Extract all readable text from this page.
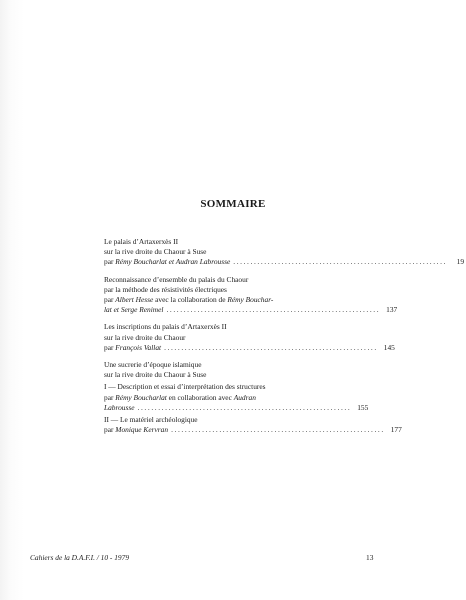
SOMMAIRE
Le palais d’Artaxerxès II
sur la rive droite du Chaour à Suse
par Rémy Boucharlat et Audran Labrousse ..............................................................	19
Reconnaissance d’ensemble du palais du Chaour
par la méthode des résistivités électriques
par Albert Hesse avec la collaboration de Rémy Bouchar-
lat et Serge Renimel .............................................................. 137
Les inscriptions du palais d’Artaxerxès II
sur la rive droite du Chaour
par François Vallat .............................................................. 145
Une sucrerie d’époque islamique
sur la rive droite du Chaour à Suse
I — Description et essai d’interprétation des structures
par Rémy Boucharlat en collaboration avec Audran
Labrousse .............................................................. 155
II — Le matériel archéologique
par Monique Kervran .............................................................. 177
Cahiers de la D.A.F.I. / 10 - 1979	13
